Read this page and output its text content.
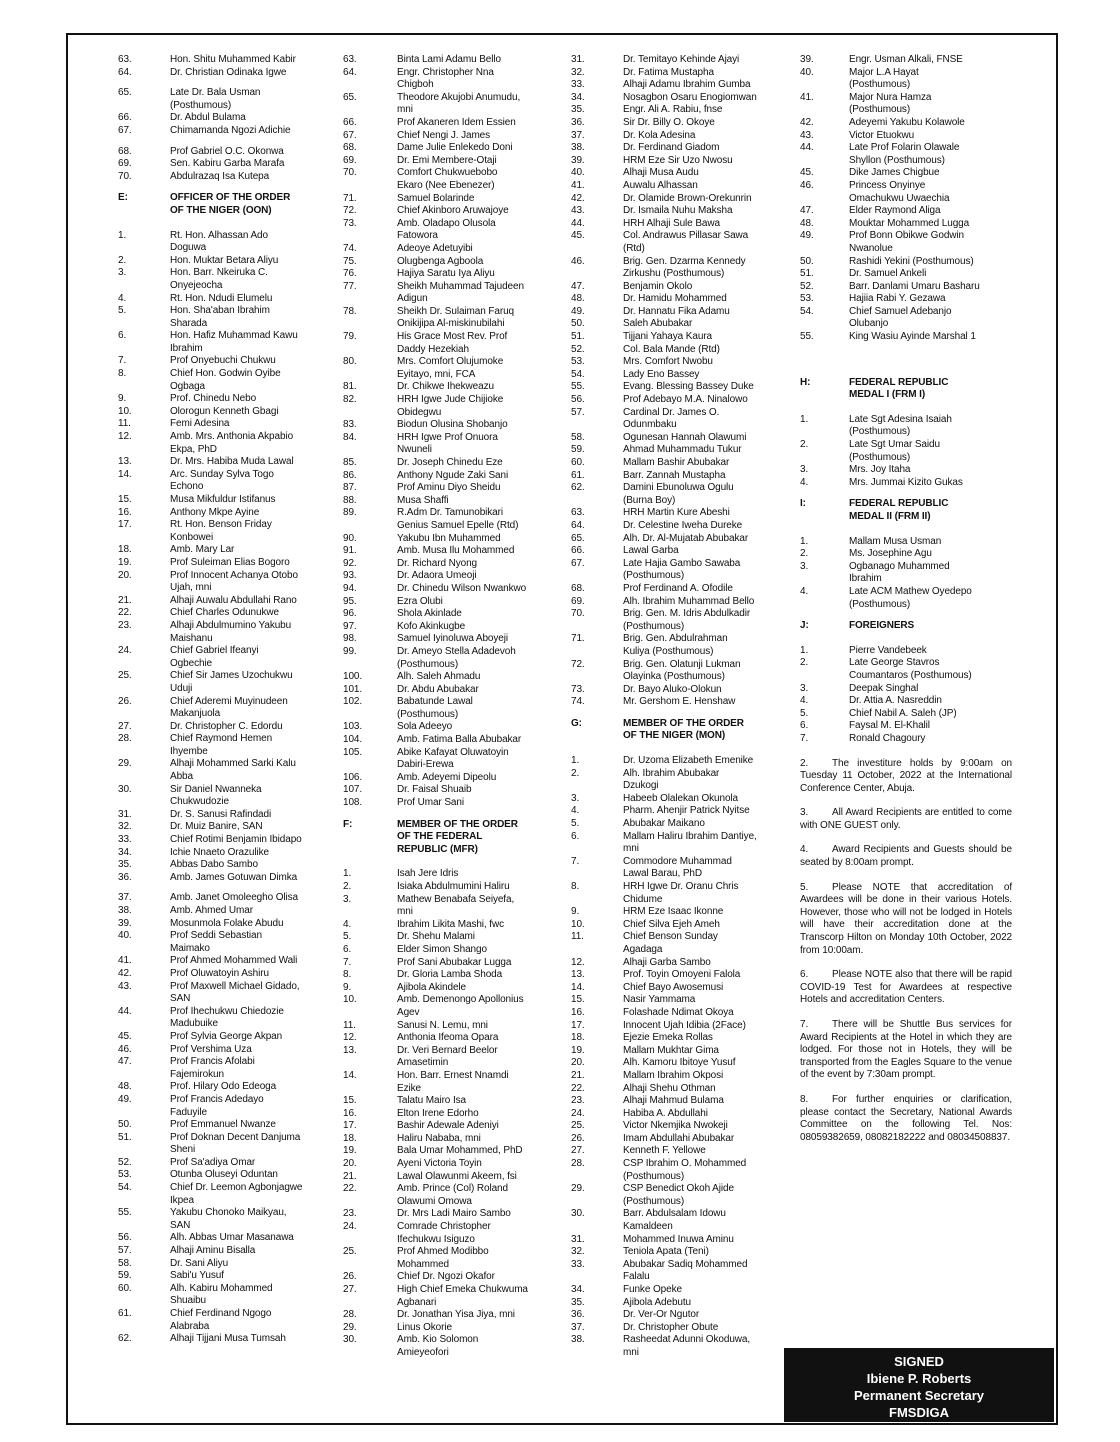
63.	Hon. Shitu Muhammed Kabir
64.	Dr. Christian Odinaka Igwe
65.	Late Dr. Bala Usman
(Posthumous)
66.	Dr. Abdul Bulama
67.	Chimamanda Ngozi Adichie
68.	Prof Gabriel O.C. Okonwa
69.	Sen. Kabiru Garba Marafa
70.	Abdulrazaq Isa Kutepa
E:	OFFICER OF THE ORDER
OF THE NIGER (OON)
1.	Rt. Hon. Alhassan Ado
Doguwa
2.	Hon. Muktar Betara Aliyu
3.	Hon. Barr. Nkeiruka C.
Onyejeocha
4.	Rt. Hon. Ndudi Elumelu
5.	Hon. Sha'aban Ibrahim
Sharada
6.	Hon. Hafiz Muhammad Kawu
Ibrahim
7.	Prof Onyebuchi Chukwu
8.	Chief Hon. Godwin Oyibe
Ogbaga
9.	Prof. Chinedu Nebo
10.	Olorogun Kenneth Gbagi
11.	Femi Adesina
12.	Amb. Mrs. Anthonia Akpabio
Ekpa, PhD
13.	Dr. Mrs. Habiba Muda Lawal
14.	Arc. Sunday Sylva Togo
Echono
15.	Musa Mikfuldur Istifanus
16.	Anthony Mkpe Ayine
17.	Rt. Hon. Benson Friday
Konbowei
18.	Amb. Mary Lar
19.	Prof Suleiman Elias Bogoro
20.	Prof Innocent Achanya Otobo
Ujah, mni
21.	Alhaji Auwalu Abdullahi Rano
22.	Chief Charles Odunukwe
23.	Alhaji Abdulmumino Yakubu
Maishanu
24.	Chief Gabriel Ifeanyi
Ogbechie
25.	Chief Sir James Uzochukwu
Uduji
26.	Chief Aderemi Muyinudeen
Makanjuola
27.	Dr. Christopher C. Edordu
28.	Chief Raymond Hemen
Ihyembe
29.	Alhaji Mohammed Sarki Kalu
Abba
30.	Sir Daniel Nwanneka
Chukwudozie
31.	Dr. S. Sanusi Rafindadi
32.	Dr. Muiz Banire, SAN
33.	Chief Rotimi Benjamin Ibidapo
34.	Ichie Nnaeto Orazulike
35.	Abbas Dabo Sambo
36.	Amb. James Gotuwan Dimka
37.	Amb. Janet Omoleegho Olisa
38.	Amb. Ahmed Umar
39.	Mosunmola Folake Abudu
40.	Prof Seddi Sebastian
Maimako
41.	Prof Ahmed Mohammed Wali
42.	Prof Oluwatoyin Ashiru
43.	Prof Maxwell Michael Gidado,
SAN
44.	Prof Ihechukwu Chiedozie
Madubuike
45.	Prof Sylvia George Akpan
46.	Prof Vershima Uza
47.	Prof Francis Afolabi
Fajemirokun
48.	Prof. Hilary Odo Edeoga
49.	Prof Francis Adedayo
Faduyile
50.	Prof Emmanuel Nwanze
51.	Prof Doknan Decent Danjuma
Sheni
52.	Prof Sa'adiya Omar
53.	Otunba Oluseyi Oduntan
54.	Chief Dr. Leemon Agbonjagwe
Ikpea
55.	Yakubu Chonoko Maikyau,
SAN
56.	Alh. Abbas Umar Masanawa
57.	Alhaji Aminu Bisalla
58.	Dr. Sani Aliyu
59.	Sabi'u Yusuf
60.	Alh. Kabiru Mohammed
Shuaibu
61.	Chief Ferdinand Ngogo
Alabraba
62.	Alhaji Tijjani Musa Tumsah
63.	Binta Lami Adamu Bello
64.	Engr. Christopher Nna
Chigboh
65.	Theodore Akujobi Anumudu,
mni
66.	Prof Akaneren Idem Essien
67.	Chief Nengi J. James
68.	Dame Julie Enlekedo Doni
69.	Dr. Emi Membere-Otaji
70.	Comfort Chukwuebobo
Ekaro (Nee Ebenezer)
71.	Samuel Bolarinde
72.	Chief Akinboro Aruwajoye
73.	Amb. Oladapo Olusola
Fatowora
74.	Adeoye Adetuyibi
75.	Olugbenga Agboola
76.	Hajiya Saratu Iya Aliyu
77.	Sheikh Muhammad Tajudeen
Adigun
78.	Sheikh Dr. Sulaiman Faruq
Onikijipa Al-miskinubilahi
79.	His Grace Most Rev. Prof
Daddy Hezekiah
80.	Mrs. Comfort Olujumoke
Eyitayo, mni, FCA
81.	Dr. Chikwe Ihekweazu
82.	HRH Igwe Jude Chijioke
Obidegwu
83.	Biodun Olusina Shobanjo
84.	HRH Igwe Prof Onuora
Nwuneli
85.	Dr. Joseph Chinedu Eze
86.	Anthony Ngude Zaki Sani
87.	Prof Aminu Diyo Sheidu
88.	Musa Shaffi
89.	R.Adm Dr. Tamunobikari
Genius Samuel Epelle (Rtd)
90.	Yakubu Ibn Muhammed
91.	Amb. Musa Ilu Mohammed
92.	Dr. Richard Nyong
93.	Dr. Adaora Umeoji
94.	Dr. Chinedu Wilson Nwankwo
95.	Ezra Olubi
96.	Shola Akinlade
97.	Kofo Akinkugbe
98.	Samuel Iyinoluwa Aboyeji
99.	Dr. Ameyo Stella Adadevoh
(Posthumous)
100.	Alh. Saleh Ahmadu
101.	Dr. Abdu Abubakar
102.	Babatunde Lawal
(Posthumous)
103.	Sola Adeeyo
104.	Amb. Fatima Balla Abubakar
105.	Abike Kafayat Oluwatoyin
Dabiri-Erewa
106.	Amb. Adeyemi Dipeolu
107.	Dr. Faisal Shuaib
108.	Prof Umar Sani
F:	MEMBER OF THE ORDER
OF THE FEDERAL
REPUBLIC (MFR)
1.	Isah Jere Idris
2.	Isiaka Abdulmumini Haliru
3.	Mathew Benabafa Seiyefa,
mni
4.	Ibrahim Likita Mashi, fwc
5.	Dr. Shehu Malami
6.	Elder Simon Shango
7.	Prof Sani Abubakar Lugga
8.	Dr. Gloria Lamba Shoda
9.	Ajibola Akindele
10.	Amb. Demenongo Apollonius
Agev
11.	Sanusi N. Lemu, mni
12.	Anthonia Ifeoma Opara
13.	Dr. Veri Bernard Beelor
Amasetimin
14.	Hon. Barr. Ernest Nnamdi
Ezike
15.	Talatu Mairo Isa
16.	Elton Irene Edorho
17.	Bashir Adewale Adeniyi
18.	Haliru Nababa, mni
19.	Bala Umar Mohammed, PhD
20.	Ayeni Victoria Toyin
21.	Lawal Olawunmi Akeem, fsi
22.	Amb. Prince (Col) Roland
Olawumi Omowa
23.	Dr. Mrs Ladi Mairo Sambo
24.	Comrade Christopher
Ifechukwu Isiguzo
25.	Prof Ahmed Modibbo
Mohammed
26.	Chief Dr. Ngozi Okafor
27.	High Chief Emeka Chukwuma
Agbanari
28.	Dr. Jonathan Yisa Jiya, mni
29.	Linus Okorie
30.	Amb. Kio Solomon
Amieyeofori
31.	Dr. Temitayo Kehinde Ajayi
32.	Dr. Fatima Mustapha
33.	Alhaji Adamu Ibrahim Gumba
34.	Nosagbon Osaru Enogiomwan
35.	Engr. Ali A. Rabiu, fnse
36.	Sir Dr. Billy O. Okoye
37.	Dr. Kola Adesina
38.	Dr. Ferdinand Giadom
39.	HRM Eze Sir Uzo Nwosu
40.	Alhaji Musa Audu
41.	Auwalu Alhassan
42.	Dr. Olamide Brown-Orekunrin
43.	Dr. Ismaila Nuhu Maksha
44.	HRH Alhaji Sule Bawa
45.	Col. Andrawus Pillasar Sawa
(Rtd)
46.	Brig. Gen. Dzarma Kennedy
Zirkushu (Posthumous)
47.	Benjamin Okolo
48.	Dr. Hamidu Mohammed
49.	Dr. Hannatu Fika Adamu
50.	Saleh Abubakar
51.	Tijjani Yahaya Kaura
52.	Col. Bala Mande (Rtd)
53.	Mrs. Comfort Nwobu
54.	Lady Eno Bassey
55.	Evang. Blessing Bassey Duke
56.	Prof Adebayo M.A. Ninalowo
57.	Cardinal Dr. James O.
Odunmbaku
58.	Ogunesan Hannah Olawumi
59.	Ahmad Muhammadu Tukur
60.	Mallam Bashir Abubakar
61.	Barr. Zannah Mustapha
62.	Damini Ebunoluwa Ogulu
(Burna Boy)
63.	HRH Martin Kure Abeshi
64.	Dr. Celestine Iweha Dureke
65.	Alh. Dr. Al-Mujatab Abubakar
66.	Lawal Garba
67.	Late Hajia Gambo Sawaba
(Posthumous)
68.	Prof Ferdinand A. Ofodile
69.	Alh. Ibrahim Muhammad Bello
70.	Brig. Gen. M. Idris Abdulkadir
(Posthumous)
71.	Brig. Gen. Abdulrahman
Kuliya (Posthumous)
72.	Brig. Gen. Olatunji Lukman
Olayinka (Posthumous)
73.	Dr. Bayo Aluko-Olokun
74.	Mr. Gershom E. Henshaw
G:	MEMBER OF THE ORDER
OF THE NIGER (MON)
1.	Dr. Uzoma Elizabeth Emenike
2.	Alh. Ibrahim Abubakar
Dzukogi
3.	Habeeb Olalekan Okunola
4.	Pharm. Ahenjir Patrick Nyitse
5.	Abubakar Maikano
6.	Mallam Haliru Ibrahim Dantiye,
mni
7.	Commodore Muhammad
Lawal Barau, PhD
8.	HRH Igwe Dr. Oranu Chris
Chidume
9.	HRM Eze Isaac Ikonne
10.	Chief Silva Ejeh Ameh
11.	Chief Benson Sunday
Agadaga
12.	Alhaji Garba Sambo
13.	Prof. Toyin Omoyeni Falola
14.	Chief Bayo Awosemusi
15.	Nasir Yammama
16.	Folashade Ndimat Okoya
17.	Innocent Ujah Idibia (2Face)
18.	Ejezie Emeka Rollas
19.	Mallam Mukhtar Gima
20.	Alh. Kamoru Ibitoye Yusuf
21.	Mallam Ibrahim Okposi
22.	Alhaji Shehu Othman
23.	Alhaji Mahmud Bulama
24.	Habiba A. Abdullahi
25.	Victor Nkemjika Nwokeji
26.	Imam Abdullahi Abubakar
27.	Kenneth F. Yellowe
28.	CSP Ibrahim O. Mohammed
(Posthumous)
29.	CSP Benedict Okoh Ajide
(Posthumous)
30.	Barr. Abdulsalam Idowu
Kamaldeen
31.	Mohammed Inuwa Aminu
32.	Teniola Apata (Teni)
33.	Abubakar Sadiq Mohammed
Falalu
34.	Funke Opeke
35.	Ajibola Adebutu
36.	Dr. Ver-Or Ngutor
37.	Dr. Christopher Obute
38.	Rasheedat Adunni Okoduwa,
mni
39.	Engr. Usman Alkali, FNSE
40.	Major L.A Hayat
(Posthumous)
41.	Major Nura Hamza
(Posthumous)
42.	Adeyemi Yakubu Kolawole
43.	Victor Etuokwu
44.	Late Prof Folarin Olawale
Shyllon (Posthumous)
45.	Dike James Chigbue
46.	Princess Onyinye
Omachukwu Uwaechia
47.	Elder Raymond Aliga
48.	Mouktar Mohammed Lugga
49.	Prof Bonn Obikwe Godwin
Nwanolue
50.	Rashidi Yekini (Posthumous)
51.	Dr. Samuel Ankeli
52.	Barr. Danlami Umaru Basharu
53.	Hajiia Rabi Y. Gezawa
54.	Chief Samuel Adebanjo
Olubanjo
55.	King Wasiu Ayinde Marshal 1
H:	FEDERAL REPUBLIC
MEDAL I (FRM I)
1.	Late Sgt Adesina Isaiah
(Posthumous)
2.	Late Sgt Umar Saidu
(Posthumous)
3.	Mrs. Joy Itaha
4.	Mrs. Jummai Kizito Gukas
I:	FEDERAL REPUBLIC
MEDAL II (FRM II)
1.	Mallam Musa Usman
2.	Ms. Josephine Agu
3.	Ogbanago Muhammed
Ibrahim
4.	Late ACM Mathew Oyedepo
(Posthumous)
J:	FOREIGNERS
1.	Pierre Vandebeek
2.	Late George Stavros
Coumantaros (Posthumous)
3.	Deepak Singhal
4.	Dr. Attia A. Nasreddin
5.	Chief Nabil A. Saleh (JP)
6.	Faysal M. El-Khalil
7.	Ronald Chagoury
2. The investiture holds by 9:00am on Tuesday 11 October, 2022 at the International Conference Center, Abuja.
3. All Award Recipients are entitled to come with ONE GUEST only.
4. Award Recipients and Guests should be seated by 8:00am prompt.
5. Please NOTE that accreditation of Awardees will be done in their various Hotels. However, those who will not be lodged in Hotels will have their accreditation done at the Transcorp Hilton on Monday 10th October, 2022 from 10:00am.
6. Please NOTE also that there will be rapid COVID-19 Test for Awardees at respective Hotels and accreditation Centers.
7. There will be Shuttle Bus services for Award Recipients at the Hotel in which they are lodged. For those not in Hotels, they will be transported from the Eagles Square to the venue of the event by 7:30am prompt.
8. For further enquiries or clarification, please contact the Secretary, National Awards Committee on the following Tel. Nos: 08059382659, 08082182222 and 08034508837.
SIGNED
Ibiene P. Roberts
Permanent Secretary
FMSDIGA
